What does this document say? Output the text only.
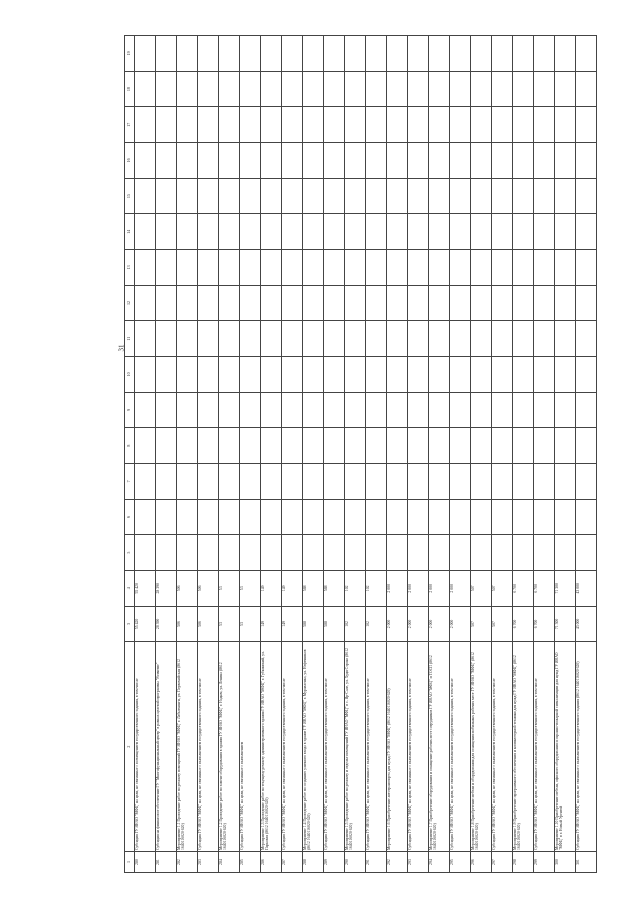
31
1	2	3	4	5	6	7	8	9	10	11	12	13	14	15	16	17	18	19
280	Субсидия ГУ ЯНАО "МФЦ" на цели, не связанные с возмещением государственного задания, в том числе	55 420	55 420															
281	Субсидия на финансовое обеспечение ГУ "Многофункциональный центр" в рамках целевой программы "Развитие"	28 390	28 390															
282	Мероприятие 1.1 Проведение работ по ремонту помещений ГУ ЯНАО "МФЦ" г. Лабытнанги, ул. Первомайская (8612 1640116020 620)	506	506															
283	Субсидия ГУ ЯНАО "МФЦ" на цели, не связанные с выполнением государственного задания, в том числе	506	506															
284	Мероприятие 1.2 Проведение работ по замене оборудования в здании ГУ ЯНАО "МФЦ" г. Надым, ул. Ленина (8612 1640116020 620)	53	53															
285	Субсидия ГУ ЯНАО "МФЦ" на цели, не связанные с выполнением	53	53															
286	Мероприятие 1.3 Проведение работ по текущему ремонту административного здания ГУ ЯНАО "МФЦ" г. Губкинский, ул. Парковая (8612 1640116020 620)	149	149															
287	Субсидия ГУ ЯНАО "МФЦ" на цели, не связанные с выполнением государственного задания, в том числе	149	149															
288	Мероприятие 1.4 Проведение работ по созданию уличного входа в здание ГУ ЯНАО "МФЦ" г. Муравленко, ул. Нефтяников (8612 1640116020 620)	588	588															
289	Субсидия ГУ ЯНАО "МФЦ" на цели, не связанные с выполнением государственного задания, в том числе	588	588															
290	Мероприятие 1.5 Проведение работ по ремонту и отделке помещений ГУ ЯНАО "МФЦ" в с. Яр-Сале, ул. Худи Сэроко (8612 1640116020 620)	102	102															
291	Субсидия ГУ ЯНАО "МФЦ" на цели, не связанные с выполнением государственного задания, в том числе	102	102															
292	Мероприятие 1.6 Приобретение автотранспорта для нужд ГУ ЯНАО "МФЦ" (8612 1640116020 620)	2 000	2 000															
293	Субсидия ГУ ЯНАО "МФЦ" на цели, не связанные с выполнением государственного задания, в том числе	2 000	2 000															
294	Мероприятие 1.7 Приобретение оборудования и оснащение рабочих мест сотрудников ГУ ЯНАО "МФЦ" и ТОСП (8612 1640116020 620)	2 000	2 000															
295	Субсидия ГУ ЯНАО "МФЦ" на цели, не связанные с выполнением государственного задания, в том числе	2 000	2 000															
296	Мероприятие 1.8 Приобретение мебели и оборудования для оснащения мобильных рабочих мест ГУ ЯНАО "МФЦ" (8612 1640116020 620)	507	507															
297	Субсидия ГУ ЯНАО "МФЦ" на цели, не связанные с выполнением государственного задания, в том числе	507	507															
298	Мероприятие 1.9 Приобретение программного обеспечения и компьютерной техники для нужд ГУ ЯНАО "МФЦ" (8612 1640116020 620)	6 700	6 700															
299	Субсидия ГУ ЯНАО "МФЦ" на цели, не связанные с выполнением государственного задания, в том числе	6 700	6 700															
300	Мероприятие 1.10 Приобретение мебели, офисного оборудования и охранно-пожарной сигнализации для нужд ГУ ЯНАО "МФЦ" в г. Новый Уренгой	71 300	71 300															
301	Субсидия ГУ ЯНАО "МФЦ" на цели, не связанные с выполнением государственного задания (8612 1640116020 620)	43 000	43 000															
